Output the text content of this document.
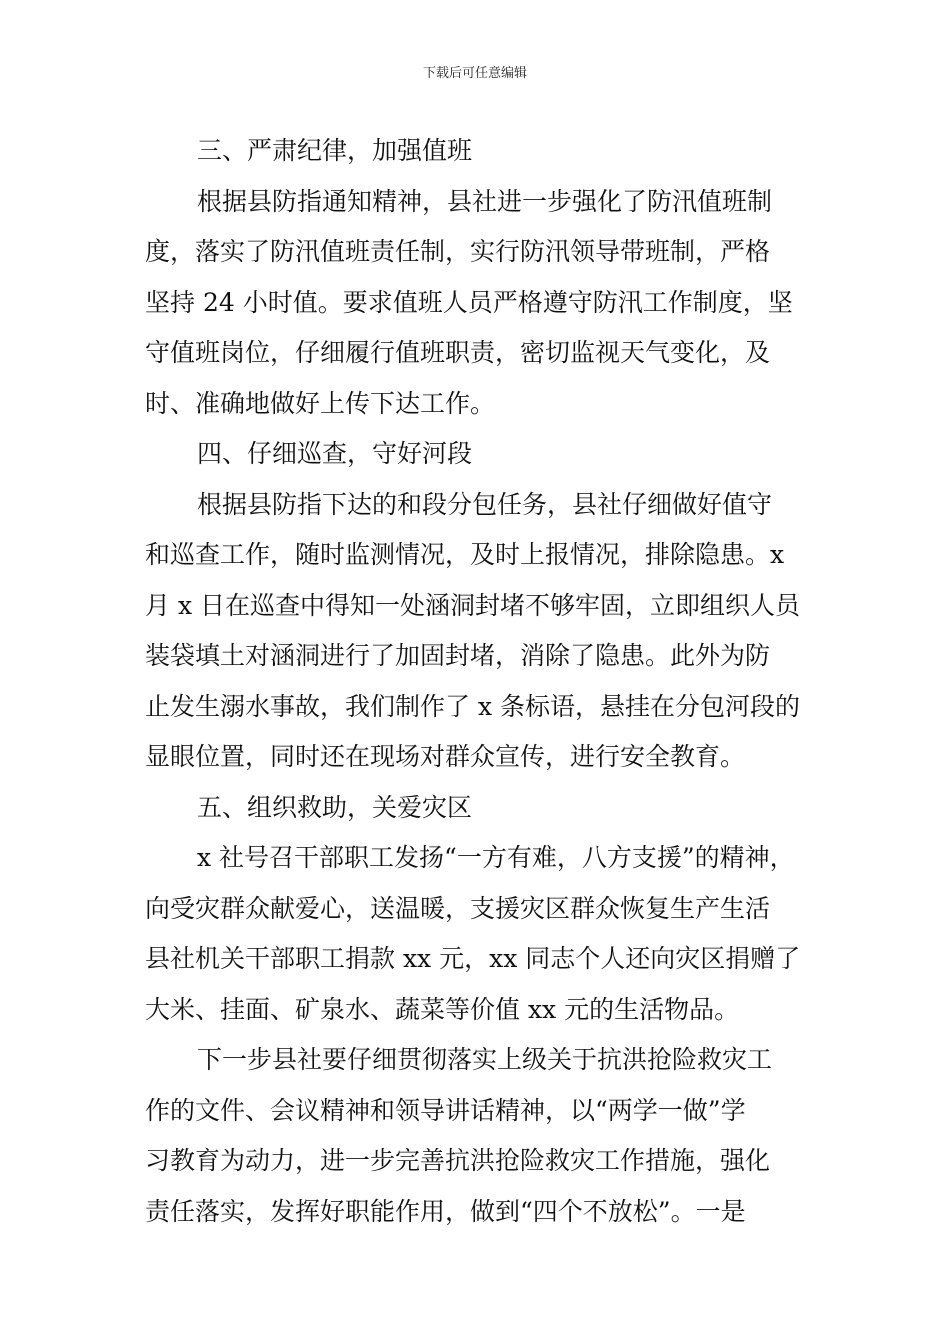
下载后可任意编辑
三、严肃纪律，加强值班
根据县防指通知精神，县社进一步强化了防汛值班制
度，落实了防汛值班责任制，实行防汛领导带班制，严格
坚持 24 小时值。要求值班人员严格遵守防汛工作制度，坚
守值班岗位，仔细履行值班职责，密切监视天气变化，及
时、准确地做好上传下达工作。
四、仔细巡查，守好河段
根据县防指下达的和段分包任务，县社仔细做好值守
和巡查工作，随时监测情况，及时上报情况，排除隐患。x
月 x 日在巡查中得知一处涵洞封堵不够牢固，立即组织人员
装袋填土对涵洞进行了加固封堵，消除了隐患。此外为防
止发生溺水事故，我们制作了 x 条标语，悬挂在分包河段的
显眼位置，同时还在现场对群众宣传，进行安全教育。
五、组织救助，关爱灾区
x 社号召干部职工发扬“一方有难，八方支援”的精神，
向受灾群众献爱心，送温暖，支援灾区群众恢复生产生活
县社机关干部职工捐款 xx 元，xx 同志个人还向灾区捐赠了
大米、挂面、矿泉水、蔬菜等价值 xx 元的生活物品。
下一步县社要仔细贯彻落实上级关于抗洪抢险救灾工
作的文件、会议精神和领导讲话精神，以“两学一做”学
习教育为动力，进一步完善抗洪抢险救灾工作措施，强化
责任落实，发挥好职能作用，做到“四个不放松”。一是
